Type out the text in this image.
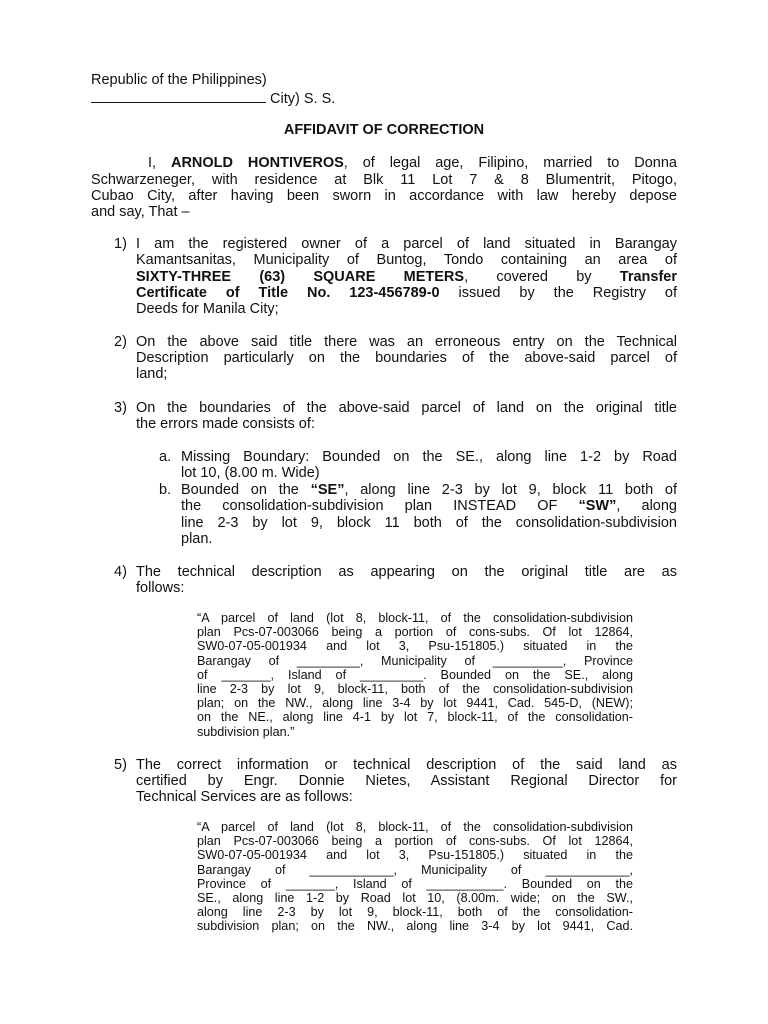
Republic of the Philippines)
City) S. S.
AFFIDAVIT OF CORRECTION
I, ARNOLD HONTIVEROS, of legal age, Filipino, married to Donna
Schwarzeneger, with residence at Blk 11 Lot 7 & 8 Blumentrit, Pitogo,
Cubao City, after having been sworn in accordance with law hereby depose
and say, That –
1) I am the registered owner of a parcel of land situated in Barangay
Kamantsanitas, Municipality of Buntog, Tondo containing an area of
SIXTY-THREE (63) SQUARE METERS, covered by Transfer
Certificate of Title No. 123-456789-0 issued by the Registry of
Deeds for Manila City;
2) On the above said title there was an erroneous entry on the Technical
Description particularly on the boundaries of the above-said parcel of
land;
3) On the boundaries of the above-said parcel of land on the original title
the errors made consists of:
a. Missing Boundary: Bounded on the SE., along line 1-2 by Road
lot 10, (8.00 m. Wide)
b. Bounded on the “SE”, along line 2-3 by lot 9, block 11 both of
the consolidation-subdivision plan INSTEAD OF “SW”, along
line 2-3 by lot 9, block 11 both of the consolidation-subdivision
plan.
4) The technical description as appearing on the original title are as
follows:
“A parcel of land (lot 8, block-11, of the consolidation-subdivision
plan Pcs-07-003066 being a portion of cons-subs. Of lot 12864,
SW0-07-05-001934 and lot 3, Psu-151805.) situated in the
Barangay of _________, Municipality of __________, Province
of _______, Island of _________. Bounded on the SE., along
line 2-3 by lot 9, block-11, both of the consolidation-subdivision
plan; on the NW., along line 3-4 by lot 9441, Cad. 545-D, (NEW);
on the NE., along line 4-1 by lot 7, block-11, of the consolidation-
subdivision plan.”
5) The correct information or technical description of the said land as
certified by Engr. Donnie Nietes, Assistant Regional Director for
Technical Services are as follows:
“A parcel of land (lot 8, block-11, of the consolidation-subdivision
plan Pcs-07-003066 being a portion of cons-subs. Of lot 12864,
SW0-07-05-001934 and lot 3, Psu-151805.) situated in the
Barangay of ____________, Municipality of ____________,
Province of _______, Island of ___________. Bounded on the
SE., along line 1-2 by Road lot 10, (8.00m. wide; on the SW.,
along line 2-3 by lot 9, block-11, both of the consolidation-
subdivision plan; on the NW., along line 3-4 by lot 9441, Cad.
